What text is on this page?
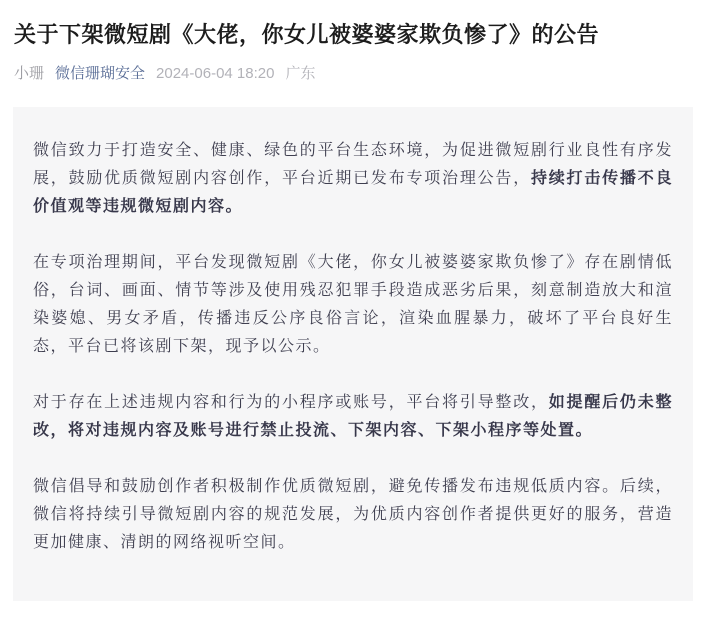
关于下架微短剧《大佬，你女儿被婆婆家欺负惨了》的公告
小珊 微信珊瑚安全 2024-06-04 18:20 广东

微信致力于打造安全、健康、绿色的平台生态环境，为促进微短剧行业良性有序发展，鼓励优质微短剧内容创作，平台近期已发布专项治理公告，持续打击传播不良价值观等违规微短剧内容。

在专项治理期间，平台发现微短剧《大佬，你女儿被婆婆家欺负惨了》存在剧情低俗，台词、画面、情节等涉及使用残忍犯罪手段造成恶劣后果，刻意制造放大和渲染婆媳、男女矛盾，传播违反公序良俗言论，渲染血腥暴力，破坏了平台良好生态，平台已将该剧下架，现予以公示。

对于存在上述违规内容和行为的小程序或账号，平台将引导整改，如提醒后仍未整改，将对违规内容及账号进行禁止投流、下架内容、下架小程序等处置。

微信倡导和鼓励创作者积极制作优质微短剧，避免传播发布违规低质内容。后续，微信将持续引导微短剧内容的规范发展，为优质内容创作者提供更好的服务，营造更加健康、清朗的网络视听空间。
